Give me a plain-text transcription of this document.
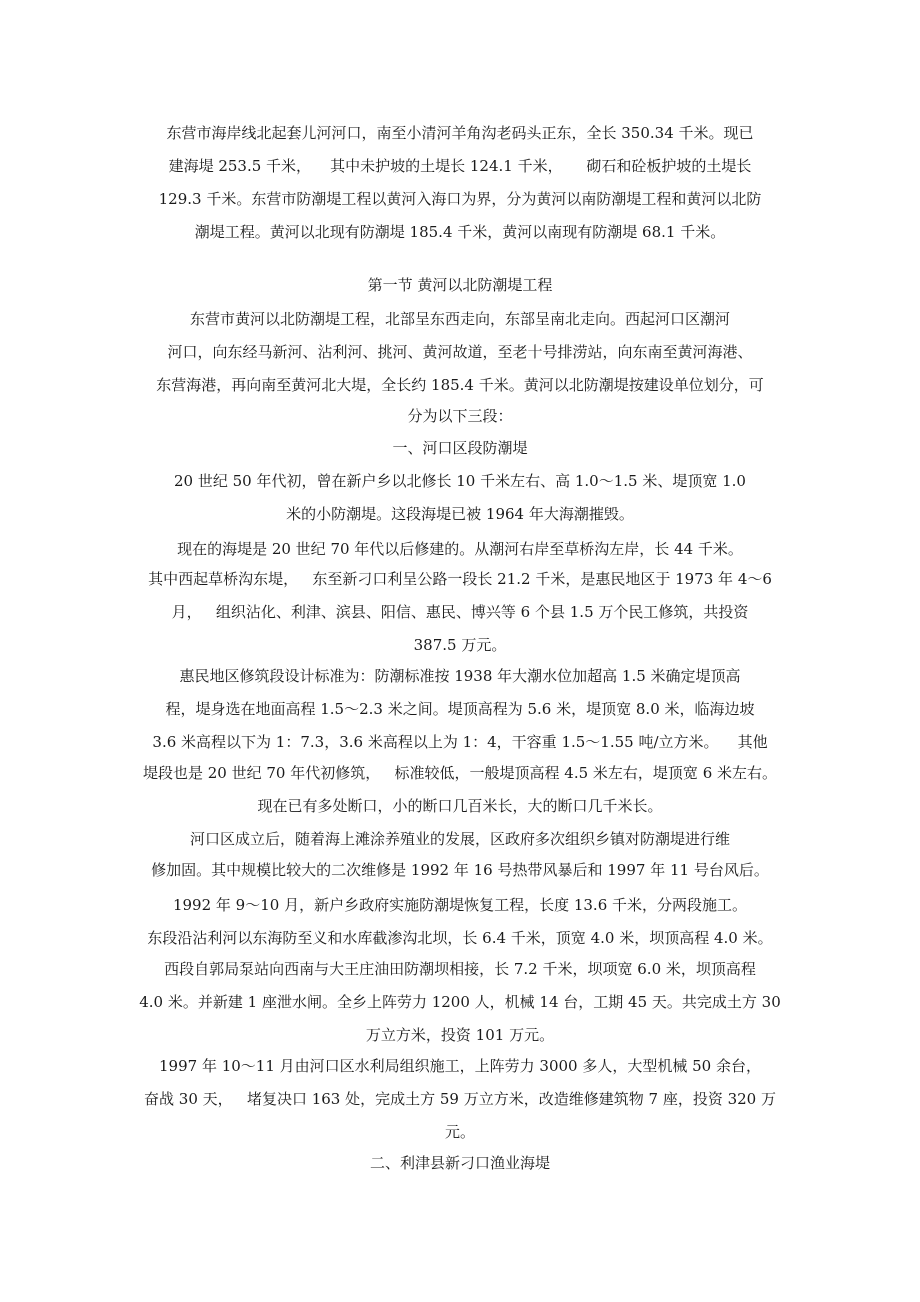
东营市海岸线北起套儿河河口，南至小清河羊角沟老码头正东，全长 350.34 千米。现已
建海堤 253.5 千米，    其中未护坡的土堤长 124.1 千米，     砌石和砼板护坡的土堤长
129.3 千米。东营市防潮堤工程以黄河入海口为界，分为黄河以南防潮堤工程和黄河以北防
潮堤工程。黄河以北现有防潮堤 185.4 千米，黄河以南现有防潮堤 68.1 千米。
第一节 黄河以北防潮堤工程
东营市黄河以北防潮堤工程，北部呈东西走向，东部呈南北走向。西起河口区潮河
河口，向东经马新河、沾利河、挑河、黄河故道，至老十号排涝站，向东南至黄河海港、
东营海港，再向南至黄河北大堤，全长约 185.4 千米。黄河以北防潮堤按建设单位划分，可
分为以下三段：
一、河口区段防潮堤
20 世纪 50 年代初，曾在新户乡以北修长 10 千米左右、高 1.0～1.5 米、堤顶宽 1.0
米的小防潮堤。这段海堤已被 1964 年大海潮摧毁。
现在的海堤是 20 世纪 70 年代以后修建的。从潮河右岸至草桥沟左岸，长 44 千米。
其中西起草桥沟东堤，   东至新刁口利呈公路一段长 21.2 千米，是惠民地区于 1973 年 4～6
月，   组织沾化、利津、滨县、阳信、惠民、博兴等 6 个县 1.5 万个民工修筑，共投资
387.5 万元。
惠民地区修筑段设计标准为：防潮标准按 1938 年大潮水位加超高 1.5 米确定堤顶高
程，堤身选在地面高程 1.5～2.3 米之间。堤顶高程为 5.6 米，堤顶宽 8.0 米，临海边坡
3.6 米高程以下为 1：7.3，3.6 米高程以上为 1：4，干容重 1.5～1.55 吨/立方米。    其他
堤段也是 20 世纪 70 年代初修筑，   标准较低，一般堤顶高程 4.5 米左右，堤顶宽 6 米左右。
现在已有多处断口，小的断口几百米长，大的断口几千米长。
河口区成立后，随着海上滩涂养殖业的发展，区政府多次组织乡镇对防潮堤进行维
修加固。其中规模比较大的二次维修是 1992 年 16 号热带风暴后和 1997 年 11 号台风后。
1992 年 9～10 月，新户乡政府实施防潮堤恢复工程，长度 13.6 千米，分两段施工。
东段沿沾利河以东海防至义和水库截渗沟北坝，长 6.4 千米，顶宽 4.0 米，坝顶高程 4.0 米。
西段自郭局泵站向西南与大王庄油田防潮坝相接，长 7.2 千米，坝项宽 6.0 米，坝顶高程
4.0 米。并新建 1 座泄水闸。全乡上阵劳力 1200 人，机械 14 台，工期 45 天。共完成土方 30
万立方米，投资 101 万元。
1997 年 10～11 月由河口区水利局组织施工，上阵劳力 3000 多人，大型机械 50 余台，
奋战 30 天，   堵复决口 163 处，完成土方 59 万立方米，改造维修建筑物 7 座，投资 320 万
元。
二、利津县新刁口渔业海堤
